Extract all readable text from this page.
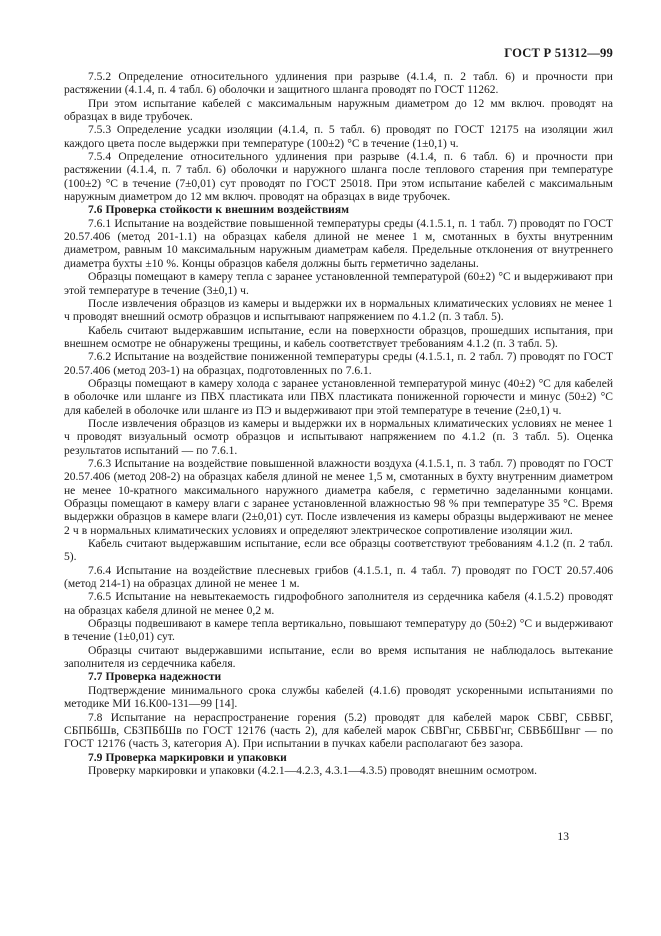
ГОСТ Р 51312—99

7.5.2 Определение относительного удлинения при разрыве (4.1.4, п. 2 табл. 6) и прочности при растяжении (4.1.4, п. 4 табл. 6) оболочки и защитного шланга проводят по ГОСТ 11262.

При этом испытание кабелей с максимальным наружным диаметром до 12 мм включ. проводят на образцах в виде трубочек.

7.5.3 Определение усадки изоляции (4.1.4, п. 5 табл. 6) проводят по ГОСТ 12175 на изоляции жил каждого цвета после выдержки при температуре (100±2) °С в течение (1±0,1) ч.

7.5.4 Определение относительного удлинения при разрыве (4.1.4, п. 6 табл. 6) и прочности при растяжении (4.1.4, п. 7 табл. 6) оболочки и наружного шланга после теплового старения при температуре (100±2) °С в течение (7±0,01) сут проводят по ГОСТ 25018. При этом испытание кабелей с максимальным наружным диаметром до 12 мм включ. проводят на образцах в виде трубочек.

7.6 Проверка стойкости к внешним воздействиям

7.6.1 Испытание на воздействие повышенной температуры среды (4.1.5.1, п. 1 табл. 7) проводят по ГОСТ 20.57.406 (метод 201-1.1) на образцах кабеля длиной не менее 1 м, смотанных в бухты внутренним диаметром, равным 10 максимальным наружным диаметрам кабеля. Предельные отклонения от внутреннего диаметра бухты ±10 %. Концы образцов кабеля должны быть герметично заделаны.

Образцы помещают в камеру тепла с заранее установленной температурой (60±2) °С и выдерживают при этой температуре в течение (3±0,1) ч.

После извлечения образцов из камеры и выдержки их в нормальных климатических условиях не менее 1 ч проводят внешний осмотр образцов и испытывают напряжением по 4.1.2 (п. 3 табл. 5).

Кабель считают выдержавшим испытание, если на поверхности образцов, прошедших испытания, при внешнем осмотре не обнаружены трещины, и кабель соответствует требованиям 4.1.2 (п. 3 табл. 5).

7.6.2 Испытание на воздействие пониженной температуры среды (4.1.5.1, п. 2 табл. 7) проводят по ГОСТ 20.57.406 (метод 203-1) на образцах, подготовленных по 7.6.1.

Образцы помещают в камеру холода с заранее установленной температурой минус (40±2) °С для кабелей в оболочке или шланге из ПВХ пластиката или ПВХ пластиката пониженной горючести и минус (50±2) °С для кабелей в оболочке или шланге из ПЭ и выдерживают при этой температуре в течение (2±0,1) ч.

После извлечения образцов из камеры и выдержки их в нормальных климатических условиях не менее 1 ч проводят визуальный осмотр образцов и испытывают напряжением по 4.1.2 (п. 3 табл. 5). Оценка результатов испытаний — по 7.6.1.

7.6.3 Испытание на воздействие повышенной влажности воздуха (4.1.5.1, п. 3 табл. 7) проводят по ГОСТ 20.57.406 (метод 208-2) на образцах кабеля длиной не менее 1,5 м, смотанных в бухту внутренним диаметром не менее 10-кратного максимального наружного диаметра кабеля, с герметично заделанными концами. Образцы помещают в камеру влаги с заранее установленной влажностью 98 % при температуре 35 °С. Время выдержки образцов в камере влаги (2±0,01) сут. После извлечения из камеры образцы выдерживают не менее 2 ч в нормальных климатических условиях и определяют электрическое сопротивление изоляции жил.

Кабель считают выдержавшим испытание, если все образцы соответствуют требованиям 4.1.2 (п. 2 табл. 5).

7.6.4 Испытание на воздействие плесневых грибов (4.1.5.1, п. 4 табл. 7) проводят по ГОСТ 20.57.406 (метод 214-1) на образцах длиной не менее 1 м.

7.6.5 Испытание на невытекаемость гидрофобного заполнителя из сердечника кабеля (4.1.5.2) проводят на образцах кабеля длиной не менее 0,2 м.

Образцы подвешивают в камере тепла вертикально, повышают температуру до (50±2) °С и выдерживают в течение (1±0,01) сут.

Образцы считают выдержавшими испытание, если во время испытания не наблюдалось вытекание заполнителя из сердечника кабеля.

7.7 Проверка надежности

Подтверждение минимального срока службы кабелей (4.1.6) проводят ускоренными испытаниями по методике МИ 16.К00-131—99 [14].

7.8 Испытание на нераспространение горения (5.2) проводят для кабелей марок СБВГ, СБВБГ, СБПБбШв, СБЗПБбШв по ГОСТ 12176 (часть 2), для кабелей марок СБВГнг, СБВБГнг, СБВБбШвнг — по ГОСТ 12176 (часть 3, категория А). При испытании в пучках кабели располагают без зазора.

7.9 Проверка маркировки и упаковки

Проверку маркировки и упаковки (4.2.1—4.2.3, 4.3.1—4.3.5) проводят внешним осмотром.

13
